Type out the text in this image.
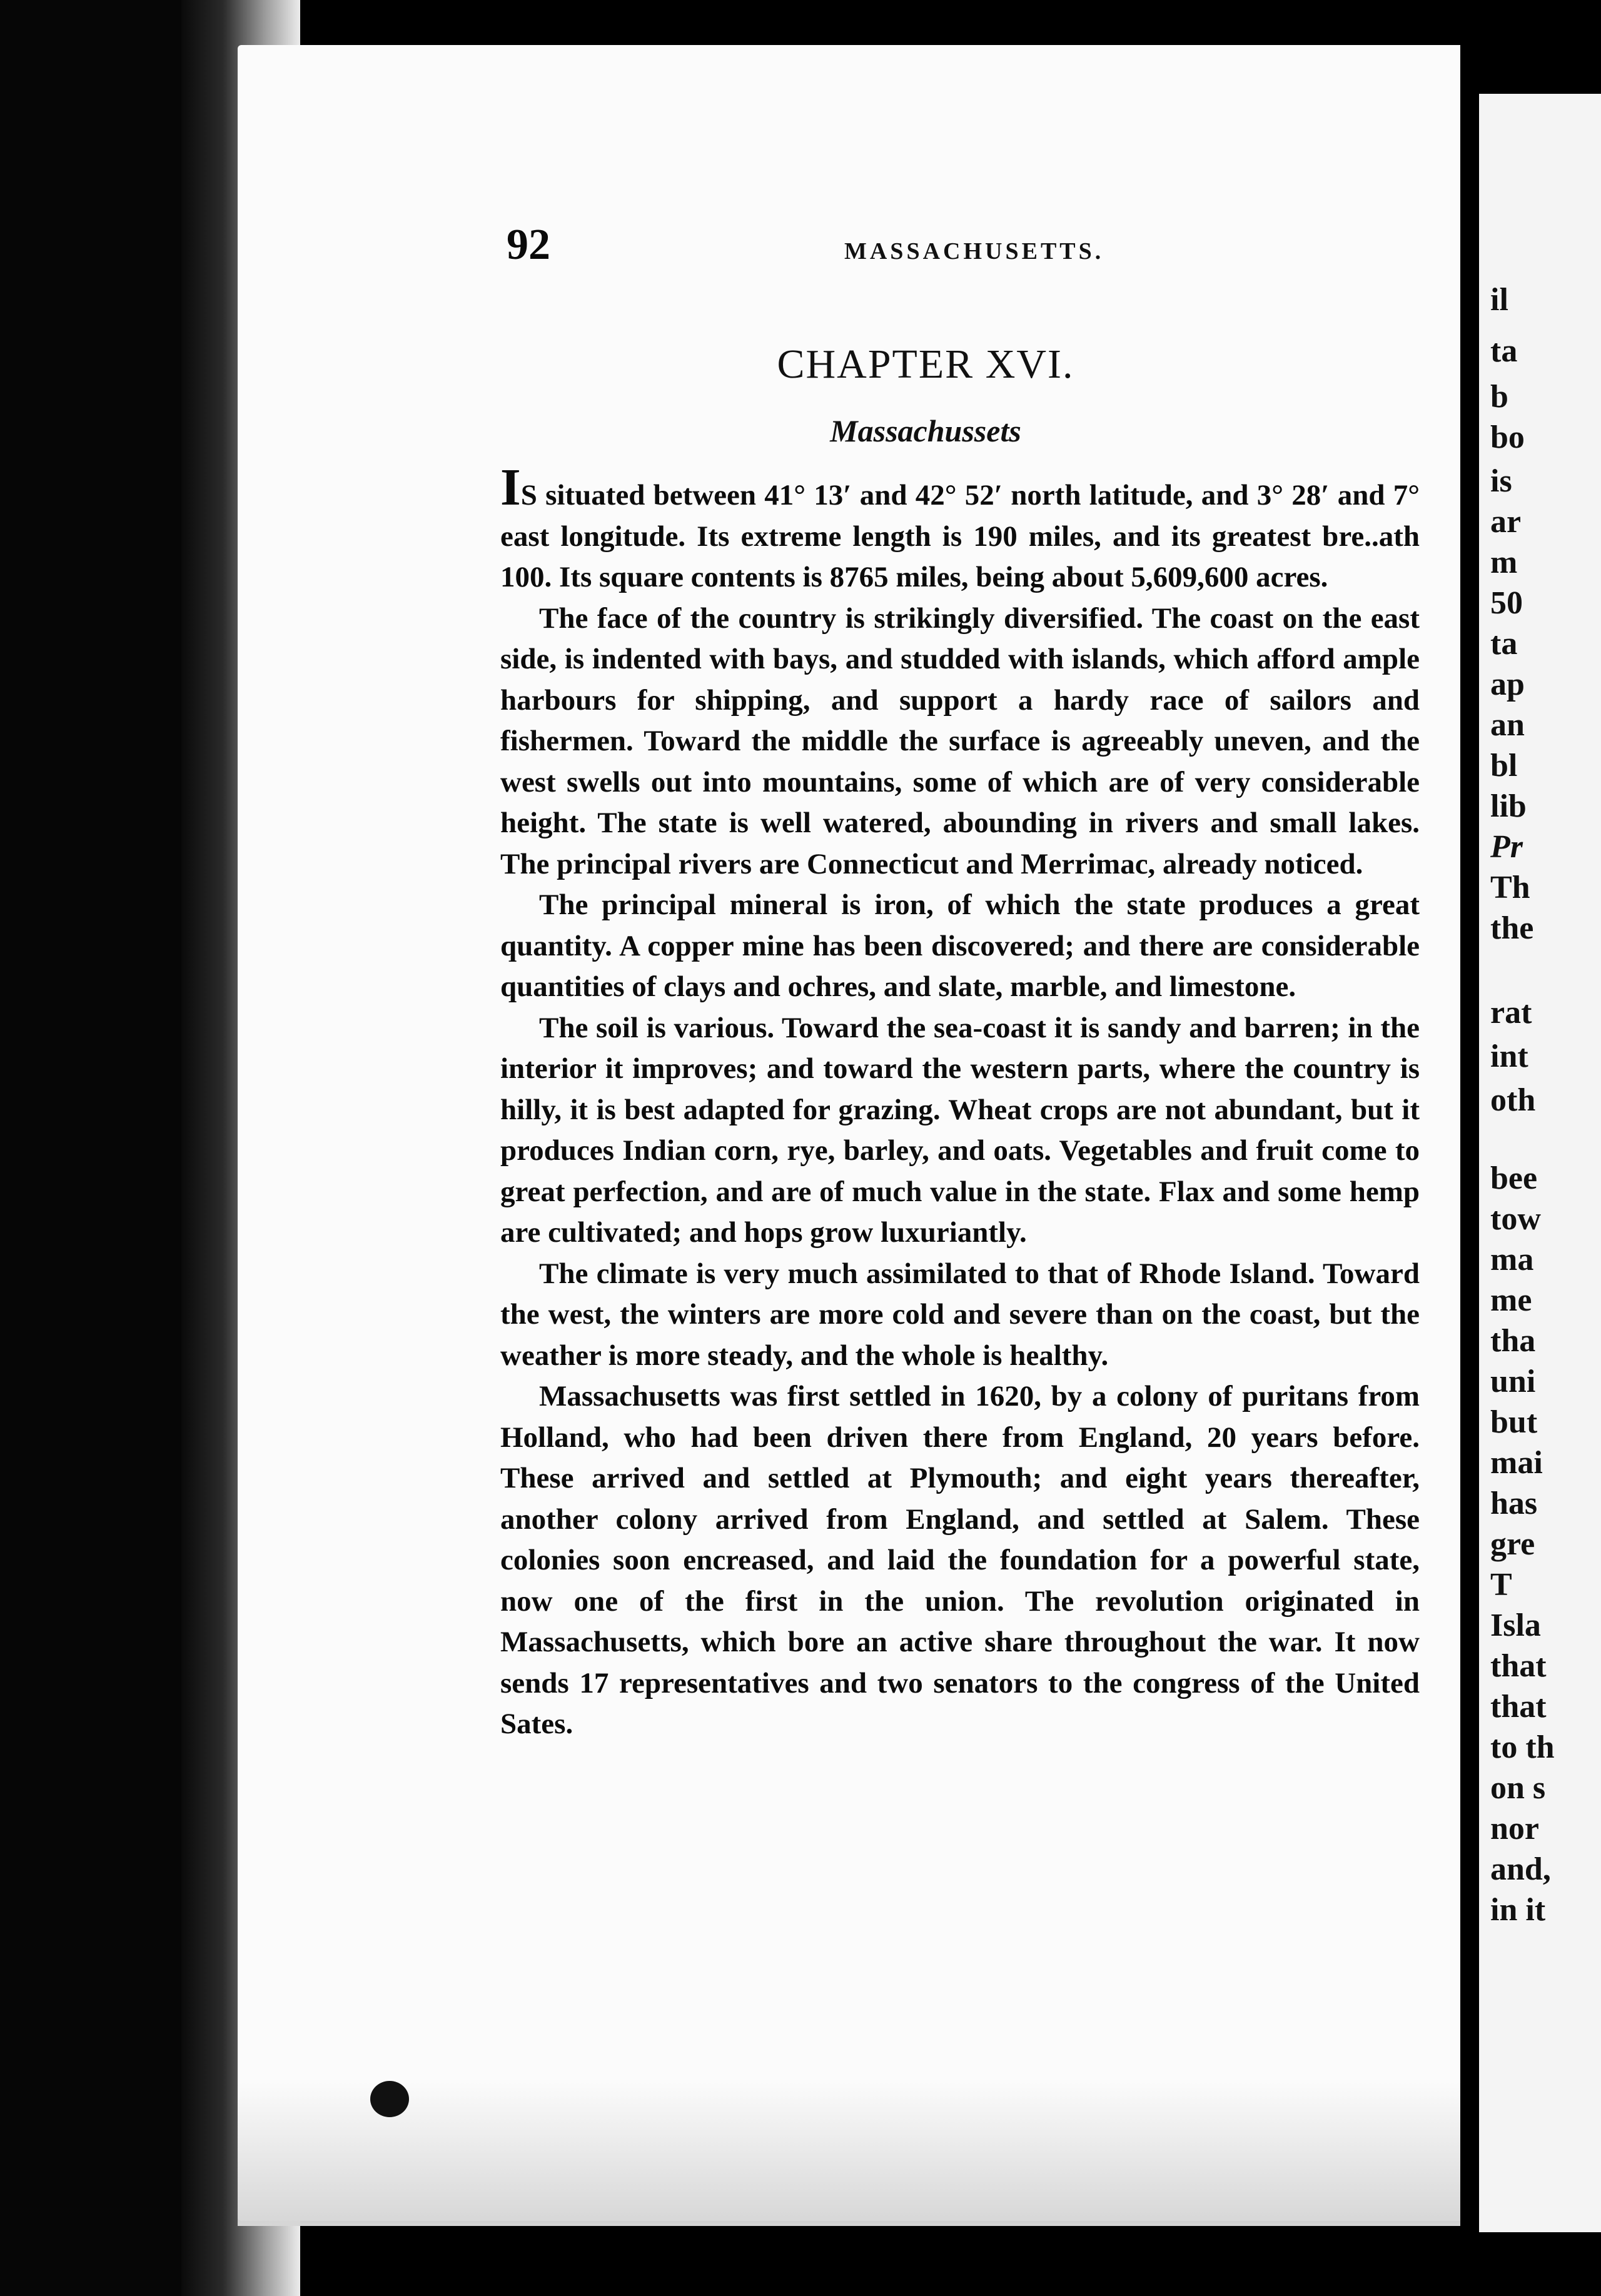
il

ta

b

bo

is

ar

m

50

ta

ap

an

bl

lib

Pr

Th

the

rat

int

oth

bee

tow

ma

me

tha

uni

but

mai

has

gre

T

Isla

that

that

to th

on s

nor

and,

in it

92	MASSACHUSETTS.

CHAPTER XVI.
Massachussets

IS situated between 41° 13′ and 42° 52′ north latitude, and 3° 28′ and 7° east longitude. Its extreme length is 190 miles, and its greatest bre..ath 100. Its square contents is 8765 miles, being about 5,609,600 acres.

The face of the country is strikingly diversified. The coast on the east side, is indented with bays, and studded with islands, which afford ample harbours for shipping, and support a hardy race of sailors and fishermen. Toward the middle the surface is agreeably uneven, and the west swells out into mountains, some of which are of very considerable height. The state is well watered, abounding in rivers and small lakes. The principal rivers are Connecticut and Merrimac, already noticed.

The principal mineral is iron, of which the state produces a great quantity. A copper mine has been discovered; and there are considerable quantities of clays and ochres, and slate, marble, and limestone.

The soil is various. Toward the sea-coast it is sandy and barren; in the interior it improves; and toward the western parts, where the country is hilly, it is best adapted for grazing. Wheat crops are not abundant, but it produces Indian corn, rye, barley, and oats. Vegetables and fruit come to great perfection, and are of much value in the state. Flax and some hemp are cultivated; and hops grow luxuriantly.

The climate is very much assimilated to that of Rhode Island. Toward the west, the winters are more cold and severe than on the coast, but the weather is more steady, and the whole is healthy.

Massachusetts was first settled in 1620, by a colony of puritans from Holland, who had been driven there from England, 20 years before. These arrived and settled at Plymouth; and eight years thereafter, another colony arrived from England, and settled at Salem. These colonies soon encreased, and laid the foundation for a powerful state, now one of the first in the union. The revolution originated in Massachusetts, which bore an active share throughout the war. It now sends 17 representatives and two senators to the congress of the United Sates.
